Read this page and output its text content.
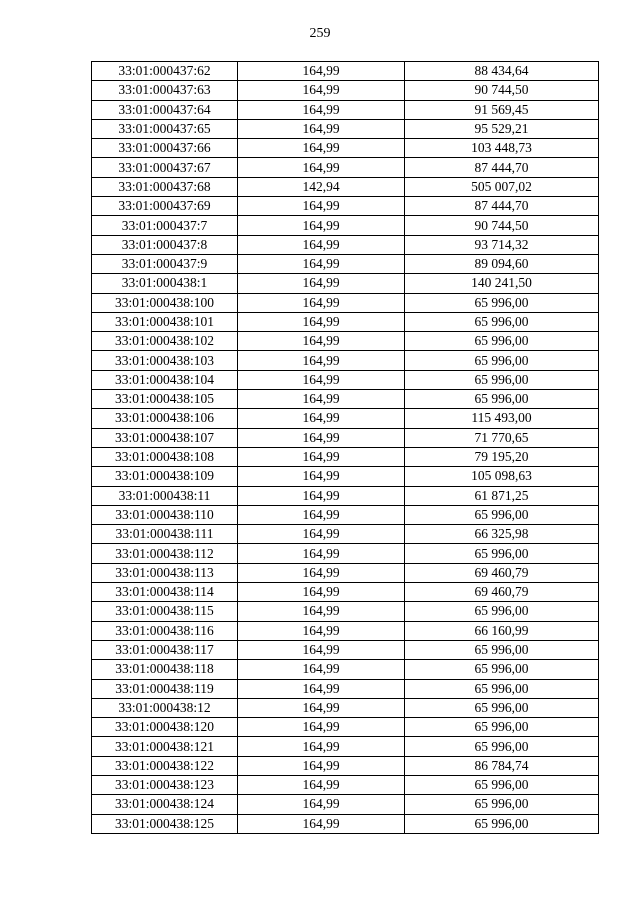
259
33:01:000437:62	164,99	88 434,64
33:01:000437:63	164,99	90 744,50
33:01:000437:64	164,99	91 569,45
33:01:000437:65	164,99	95 529,21
33:01:000437:66	164,99	103 448,73
33:01:000437:67	164,99	87 444,70
33:01:000437:68	142,94	505 007,02
33:01:000437:69	164,99	87 444,70
33:01:000437:7	164,99	90 744,50
33:01:000437:8	164,99	93 714,32
33:01:000437:9	164,99	89 094,60
33:01:000438:1	164,99	140 241,50
33:01:000438:100	164,99	65 996,00
33:01:000438:101	164,99	65 996,00
33:01:000438:102	164,99	65 996,00
33:01:000438:103	164,99	65 996,00
33:01:000438:104	164,99	65 996,00
33:01:000438:105	164,99	65 996,00
33:01:000438:106	164,99	115 493,00
33:01:000438:107	164,99	71 770,65
33:01:000438:108	164,99	79 195,20
33:01:000438:109	164,99	105 098,63
33:01:000438:11	164,99	61 871,25
33:01:000438:110	164,99	65 996,00
33:01:000438:111	164,99	66 325,98
33:01:000438:112	164,99	65 996,00
33:01:000438:113	164,99	69 460,79
33:01:000438:114	164,99	69 460,79
33:01:000438:115	164,99	65 996,00
33:01:000438:116	164,99	66 160,99
33:01:000438:117	164,99	65 996,00
33:01:000438:118	164,99	65 996,00
33:01:000438:119	164,99	65 996,00
33:01:000438:12	164,99	65 996,00
33:01:000438:120	164,99	65 996,00
33:01:000438:121	164,99	65 996,00
33:01:000438:122	164,99	86 784,74
33:01:000438:123	164,99	65 996,00
33:01:000438:124	164,99	65 996,00
33:01:000438:125	164,99	65 996,00
